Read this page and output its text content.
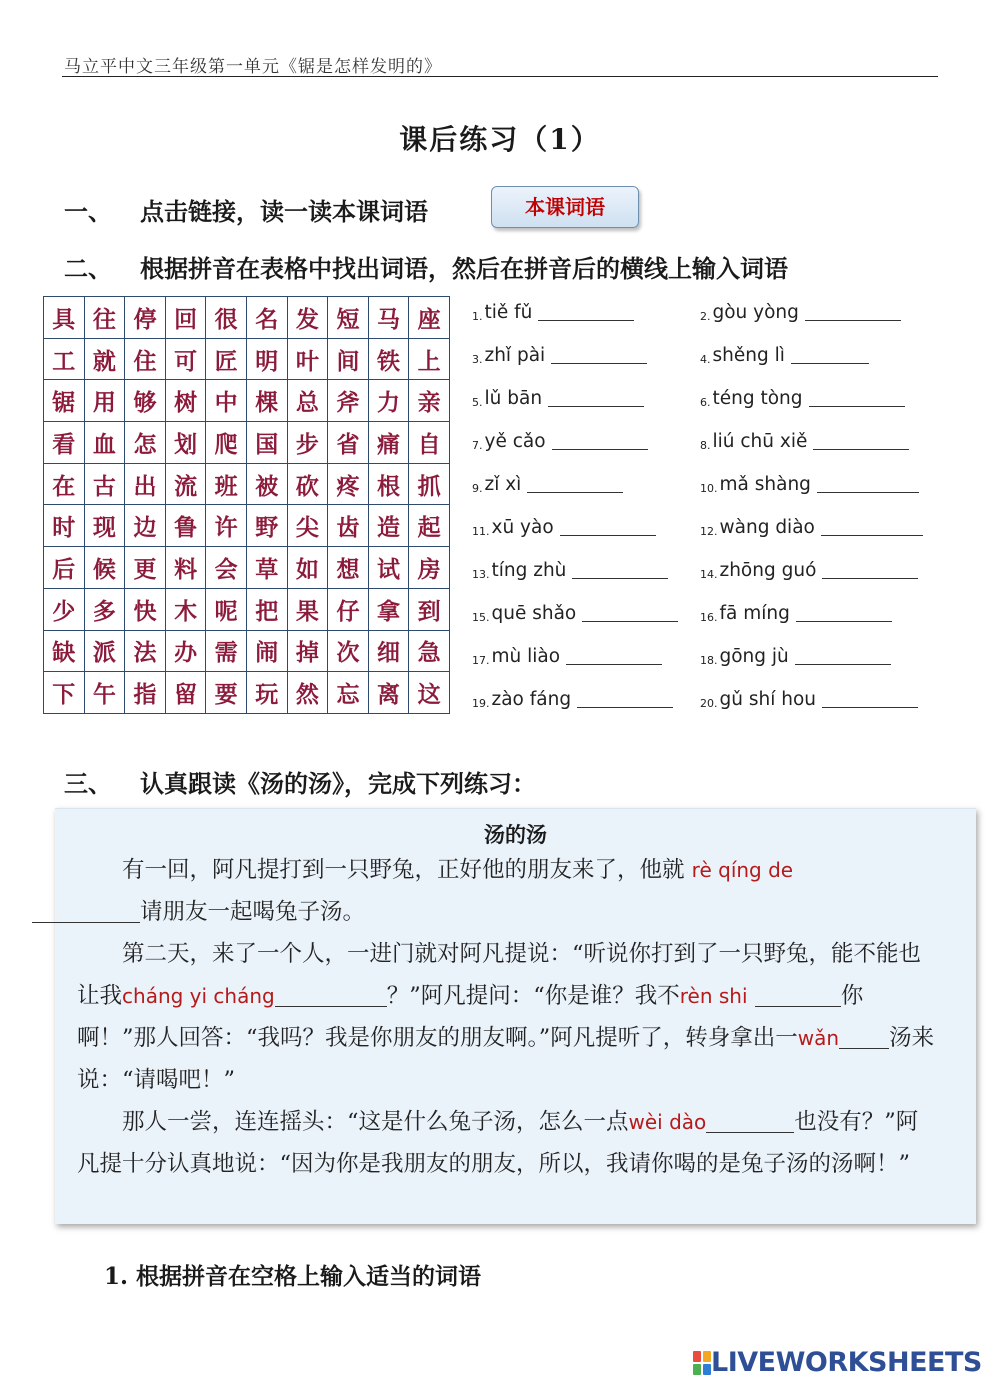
马立平中文三年级第一单元《锯是怎样发明的》
课后练习（1）
一、 点击链接，读一读本课词语	本课词语
二、 根据拼音在表格中找出词语，然后在拼音后的横线上输入词语
具	往	停	回	很	名	发	短	马	座
工	就	住	可	匠	明	叶	间	铁	上
锯	用	够	树	中	棵	总	斧	力	亲
看	血	怎	划	爬	国	步	省	痛	自
在	古	出	流	班	被	砍	疼	根	抓
时	现	边	鲁	许	野	尖	齿	造	起
后	候	更	料	会	草	如	想	试	房
少	多	快	木	呢	把	果	仔	拿	到
缺	派	法	办	需	闹	掉	次	细	急
下	午	指	留	要	玩	然	忘	离	这
1. tiě fǔ	2. gòu yòng
3. zhǐ pài	4. shěng lì
5. lǔ bān	6. téng tòng
7. yě cǎo	8. liú chū xiě
9. zǐ xì	10. mǎ shàng
11. xū yào	12. wàng diào
13. tíng zhù	14. zhōng guó
15. quē shǎo	16. fā míng
17. mù liào	18. gōng jù
19. zào fáng	20. gǔ shí hou
三、 认真跟读《汤的汤》，完成下列练习：
汤的汤

有一回，阿凡提打到一只野兔，正好他的朋友来了，他就 rè qíng de
请朋友一起喝兔子汤。

第二天，来了一个人，一进门就对阿凡提说：“听说你打到了一只野兔，能不能也让我cháng yi cháng	？”阿凡提问：“你是谁？我不rèn shi	你啊！”那人回答：“我吗？我是你朋友的朋友啊。”阿凡提听了，转身拿出一wǎn 汤来说：“请喝吧！”

那人一尝，连连摇头：“这是什么兔子汤，怎么一点wèi dào	也没有？”阿凡提十分认真地说：“因为你是我朋友的朋友，所以，我请你喝的是兔子汤的汤啊！”

1. 根据拼音在空格上输入适当的词语
LIVEWORKSHEETS
